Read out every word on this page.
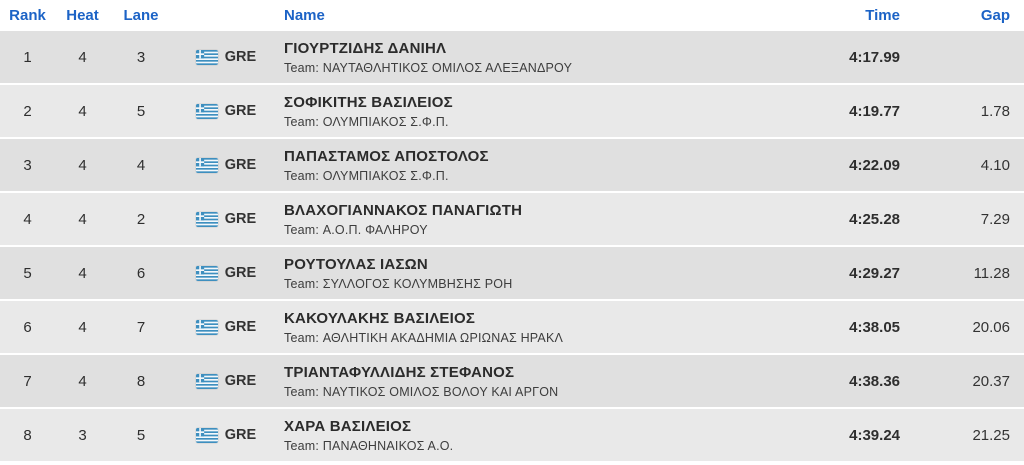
Rank	Heat	Lane	Name	Time	Gap
1	4	3	GRE
ΓΙΟΥΡΤΖΙΔΗΣ ΔΑΝΙΗΛ
Team: ΝΑΥΤΑΘΛΗΤΙΚΟΣ ΟΜΙΛΟΣ ΑΛΕΞΑΝΔΡΟΥ
4:17.99
2	4	5	GRE
ΣΟΦΙΚΙΤΗΣ ΒΑΣΙΛΕΙΟΣ
Team: ΟΛΥΜΠΙΑΚΟΣ Σ.Φ.Π.
4:19.77	1.78
3	4	4	GRE
ΠΑΠΑΣΤΑΜΟΣ ΑΠΟΣΤΟΛΟΣ
Team: ΟΛΥΜΠΙΑΚΟΣ Σ.Φ.Π.
4:22.09	4.10
4	4	2	GRE
ΒΛΑΧΟΓΙΑΝΝΑΚΟΣ ΠΑΝΑΓΙΩΤΗ
Team: Α.Ο.Π. ΦΑΛΗΡΟΥ
4:25.28	7.29
5	4	6	GRE
ΡΟΥΤΟΥΛΑΣ ΙΑΣΩΝ
Team: ΣΥΛΛΟΓΟΣ ΚΟΛΥΜΒΗΣΗΣ ΡΟΗ
4:29.27	11.28
6	4	7	GRE
ΚΑΚΟΥΛΑΚΗΣ ΒΑΣΙΛΕΙΟΣ
Team: ΑΘΛΗΤΙΚΗ ΑΚΑΔΗΜΙΑ ΩΡΙΩΝΑΣ ΗΡΑΚΛ
4:38.05	20.06
7	4	8	GRE
ΤΡΙΑΝΤΑΦΥΛΛΙΔΗΣ ΣΤΕΦΑΝΟΣ
Team: ΝΑΥΤΙΚΟΣ ΟΜΙΛΟΣ ΒΟΛΟΥ ΚΑΙ ΑΡΓΟΝ
4:38.36	20.37
8	3	5	GRE
ΧΑΡΑ ΒΑΣΙΛΕΙΟΣ
Team: ΠΑΝΑΘΗΝΑΙΚΟΣ Α.Ο.
4:39.24	21.25
